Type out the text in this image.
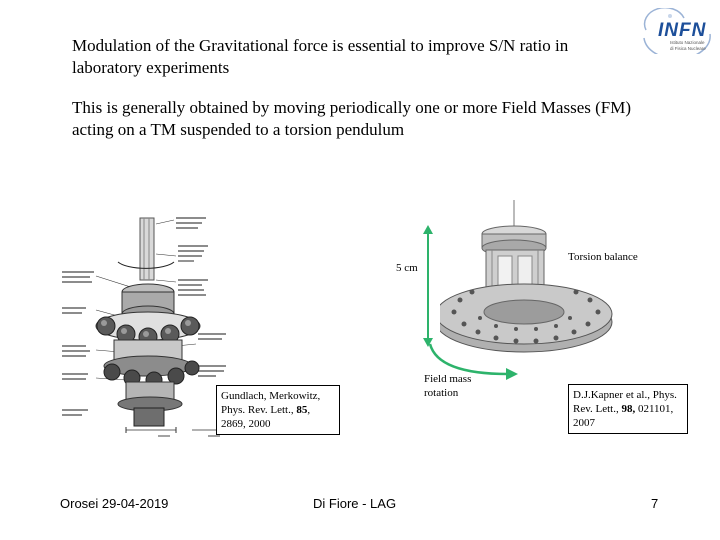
INFN
Istituto Nazionale
di Fisica Nucleare
Modulation of the Gravitational force is essential to improve S/N ratio in laboratory experiments
This is generally obtained by moving periodically one or more Field Masses (FM) acting on a TM suspended to a torsion pendulum
Gundlach, Merkowitz, Phys. Rev. Lett., 85, 2869, 2000
5 cm
Torsion balance
Field mass
rotation	D.J.Kapner et al., Phys. Rev. Lett., 98, 021101, 2007
Orosei 29-04-2019	Di Fiore - LAG	7
